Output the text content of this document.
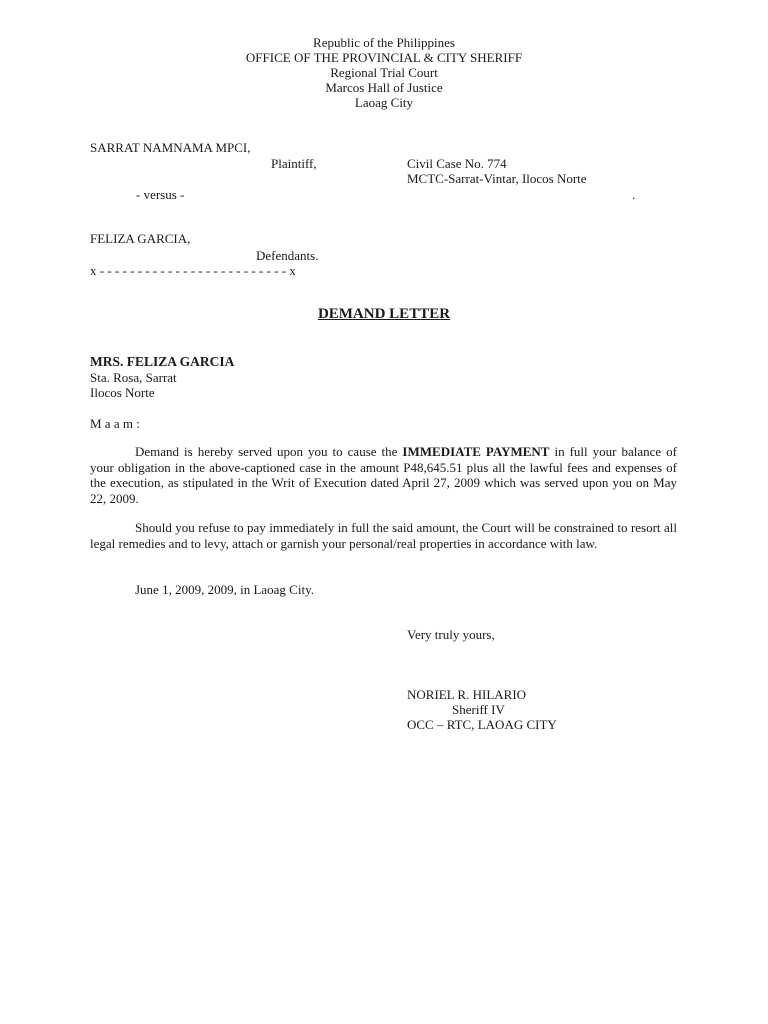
Republic of the Philippines
OFFICE OF THE PROVINCIAL & CITY SHERIFF
Regional Trial Court
Marcos Hall of Justice
Laoag City
SARRAT NAMNAMA MPCI,
Plaintiff,	Civil Case No. 774
MCTC-Sarrat-Vintar, Ilocos Norte
- versus -	.
FELIZA GARCIA,
Defendants.
x - - - - - - - - - - - - - - - - - - - - - - - - - x
DEMAND LETTER
MRS. FELIZA GARCIA
Sta. Rosa, Sarrat
Ilocos Norte
M a a m :
Demand is hereby served upon you to cause the IMMEDIATE PAYMENT in full your balance of your obligation in the above-captioned case in the amount P48,645.51 plus all the lawful fees and expenses of the execution, as stipulated in the Writ of Execution dated April 27, 2009 which was served upon you on May 22, 2009.
Should you refuse to pay immediately in full the said amount, the Court will be constrained to resort all legal remedies and to levy, attach or garnish your personal/real properties in accordance with law.
June 1, 2009, 2009, in Laoag City.
Very truly yours,
NORIEL R. HILARIO
Sheriff IV
OCC – RTC, LAOAG CITY
